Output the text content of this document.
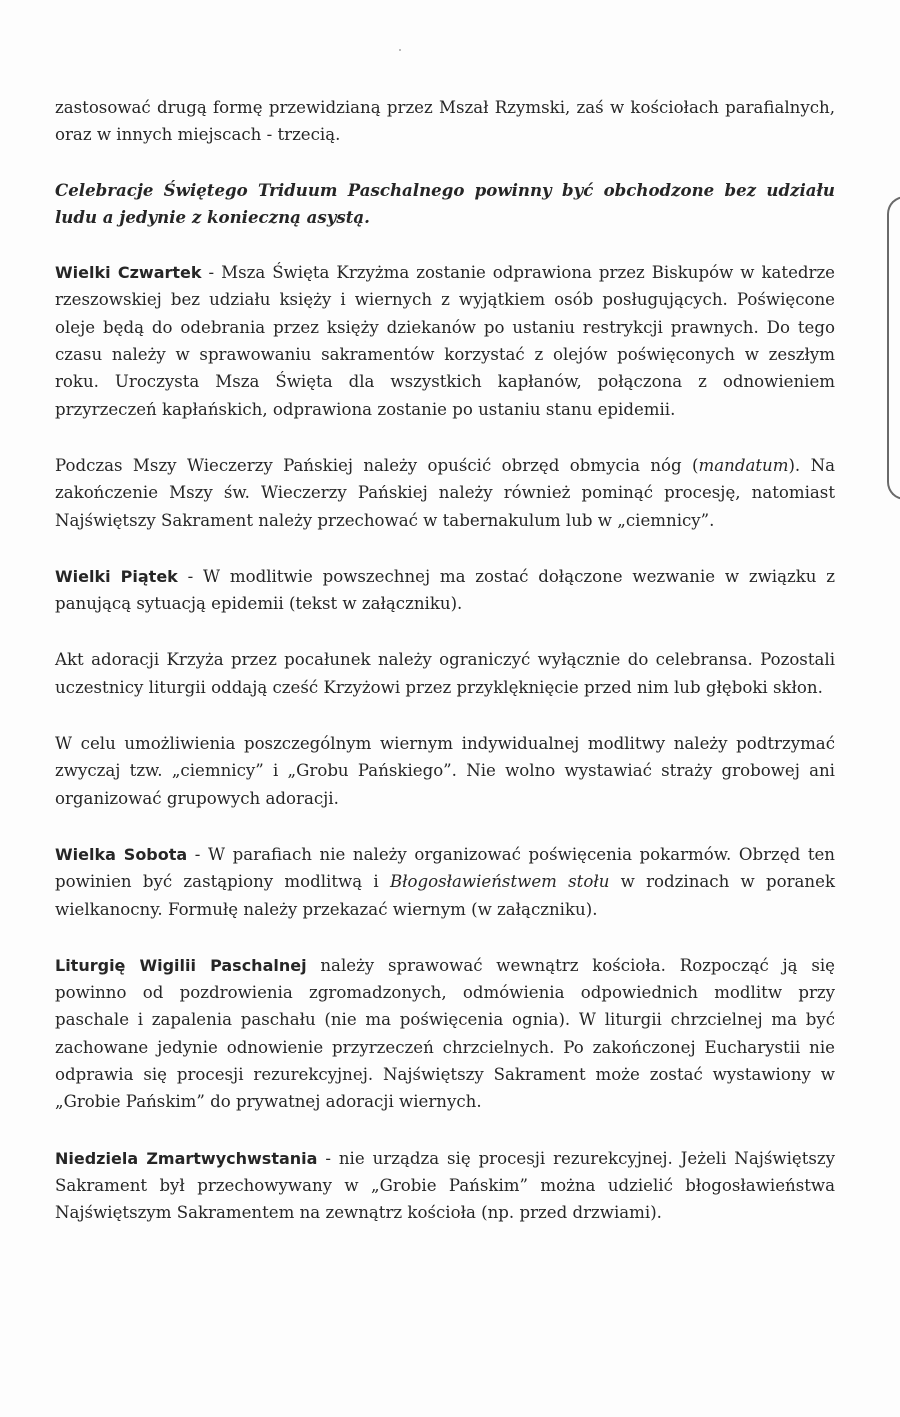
zastosować drugą formę przewidzianą przez Mszał Rzymski, zaś w kościołach parafialnych, oraz w innych miejscach - trzecią.

Celebracje Świętego Triduum Paschalnego powinny być obchodzone bez udziału ludu a jedynie z konieczną asystą.

Wielki Czwartek - Msza Święta Krzyżma zostanie odprawiona przez Biskupów w katedrze rzeszowskiej bez udziału księży i wiernych z wyjątkiem osób posługujących. Poświęcone oleje będą do odebrania przez księży dziekanów po ustaniu restrykcji prawnych. Do tego czasu należy w sprawowaniu sakramentów korzystać z olejów poświęconych w zeszłym roku. Uroczysta Msza Święta dla wszystkich kapłanów, połączona z odnowieniem przyrzeczeń kapłańskich, odprawiona zostanie po ustaniu stanu epidemii.

Podczas Mszy Wieczerzy Pańskiej należy opuścić obrzęd obmycia nóg (mandatum). Na zakończenie Mszy św. Wieczerzy Pańskiej należy również pominąć procesję, natomiast Najświętszy Sakrament należy przechować w tabernakulum lub w „ciemnicy”.

Wielki Piątek - W modlitwie powszechnej ma zostać dołączone wezwanie w związku z panującą sytuacją epidemii (tekst w załączniku).

Akt adoracji Krzyża przez pocałunek należy ograniczyć wyłącznie do celebransa. Pozostali uczestnicy liturgii oddają cześć Krzyżowi przez przyklęknięcie przed nim lub głęboki skłon.

W celu umożliwienia poszczególnym wiernym indywidualnej modlitwy należy podtrzymać zwyczaj tzw. „ciemnicy” i „Grobu Pańskiego”. Nie wolno wystawiać straży grobowej ani organizować grupowych adoracji.

Wielka Sobota - W parafiach nie należy organizować poświęcenia pokarmów. Obrzęd ten powinien być zastąpiony modlitwą i Błogosławieństwem stołu w rodzinach w poranek wielkanocny. Formułę należy przekazać wiernym (w załączniku).

Liturgię Wigilii Paschalnej należy sprawować wewnątrz kościoła. Rozpocząć ją się powinno od pozdrowienia zgromadzonych, odmówienia odpowiednich modlitw przy paschale i zapalenia paschału (nie ma poświęcenia ognia). W liturgii chrzcielnej ma być zachowane jedynie odnowienie przyrzeczeń chrzcielnych. Po zakończonej Eucharystii nie odprawia się procesji rezurekcyjnej. Najświętszy Sakrament może zostać wystawiony w „Grobie Pańskim” do prywatnej adoracji wiernych.

Niedziela Zmartwychwstania - nie urządza się procesji rezurekcyjnej. Jeżeli Najświętszy Sakrament był przechowywany w „Grobie Pańskim” można udzielić błogosławieństwa Najświętszym Sakramentem na zewnątrz kościoła (np. przed drzwiami).
